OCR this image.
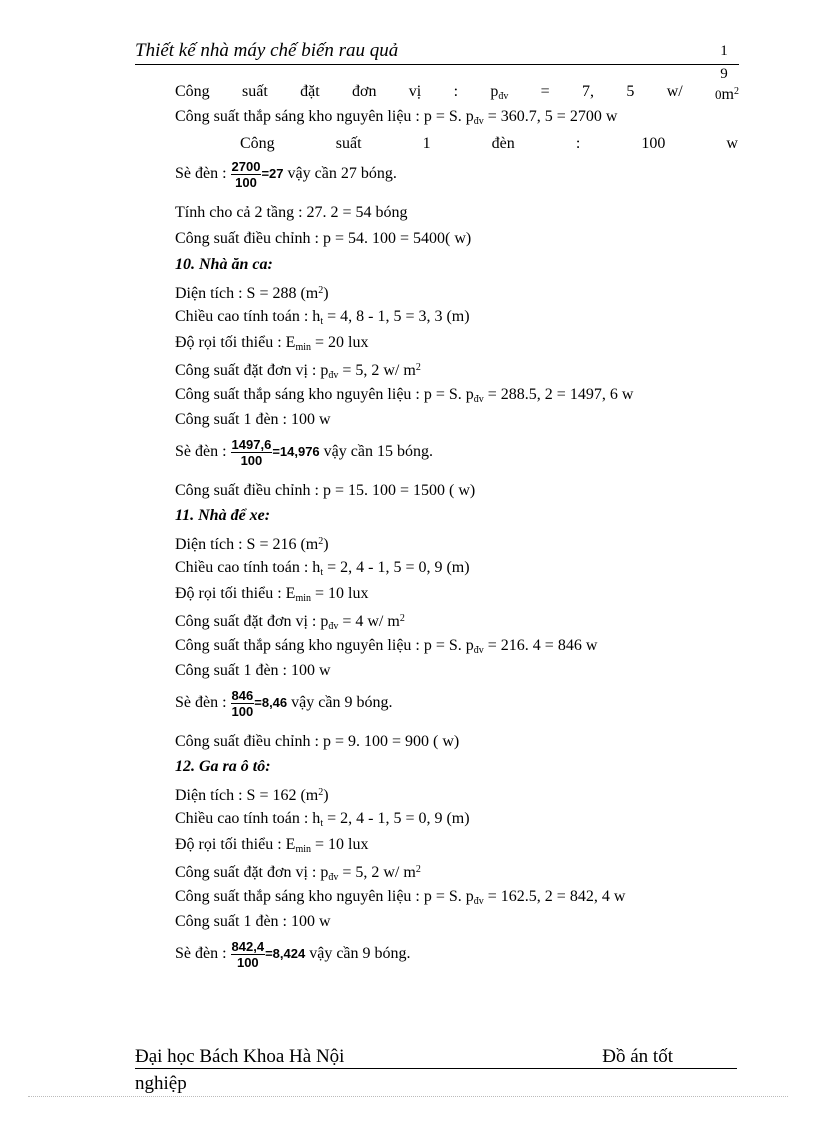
Thiết kế nhà máy chế biến rau quả	1
9
Công suất đặt đơn vị : $p_{đv} = 7$, 5 w/ $0m^2$
Công suất thắp sáng kho nguyên liệu : p = S. $p_{đv} = 360.7$, 5 = 2700 w
Công	suất	1	đèn	:	100	w
Sè đèn : $\frac{2700}{100} =27$ vậy cần 27 bóng.
Tính cho cả 2 tầng : 27. 2 = 54 bóng
Công suất điều chỉnh : p = 54. 100 = 5400( w)
10. Nhà ăn ca:
Diện tích : S = 288 $(m^2)$
Chiều cao tính toán : $h_t = 4$, 8 - 1, 5 = 3, 3 (m)
Độ rọi tối thiểu : $E_{min} = 20$ lux
Công suất đặt đơn vị : $p_{đv} = 5$, 2 w/ $m^2$
Công suất thắp sáng kho nguyên liệu : p = S. $p_{đv} = 288.5$, 2 = 1497, 6 w
Công suất 1 đèn : 100 w
Sè đèn : $\frac{1497,6}{100} =14,976$ vậy cần 15 bóng.
Công suất điều chỉnh : p = 15. 100 = 1500 ( w)
11. Nhà để xe:
Diện tích : S = 216 $(m^2)$
Chiều cao tính toán : $h_t = 2$, 4 - 1, 5 = 0, 9 (m)
Độ rọi tối thiểu : $E_{min} = 10$ lux
Công suất đặt đơn vị : $p_{đv} = 4$ w/ $m^2$
Công suất thắp sáng kho nguyên liệu : p = S. $p_{đv} = 216$. 4 = 846 w
Công suất 1 đèn : 100 w
Sè đèn : $\frac{846}{100} =8,46$ vậy cần 9 bóng.
Công suất điều chỉnh : p = 9. 100 = 900 ( w)
12. Ga ra ô tô:
Diện tích : S = 162 $(m^2)$
Chiều cao tính toán : $h_t = 2$, 4 - 1, 5 = 0, 9 (m)
Độ rọi tối thiểu : $E_{min} = 10$ lux
Công suất đặt đơn vị : $p_{đv} = 5$, 2 w/ $m^2$
Công suất thắp sáng kho nguyên liệu : p = S. $p_{đv} = 162.5$, 2 = 842, 4 w
Công suất 1 đèn : 100 w
Sè đèn : $\frac{842,4}{100} =8,424$ vậy cần 9 bóng.
Đại học Bách Khoa Hà Nội	Đồ án tốt
nghiệp
